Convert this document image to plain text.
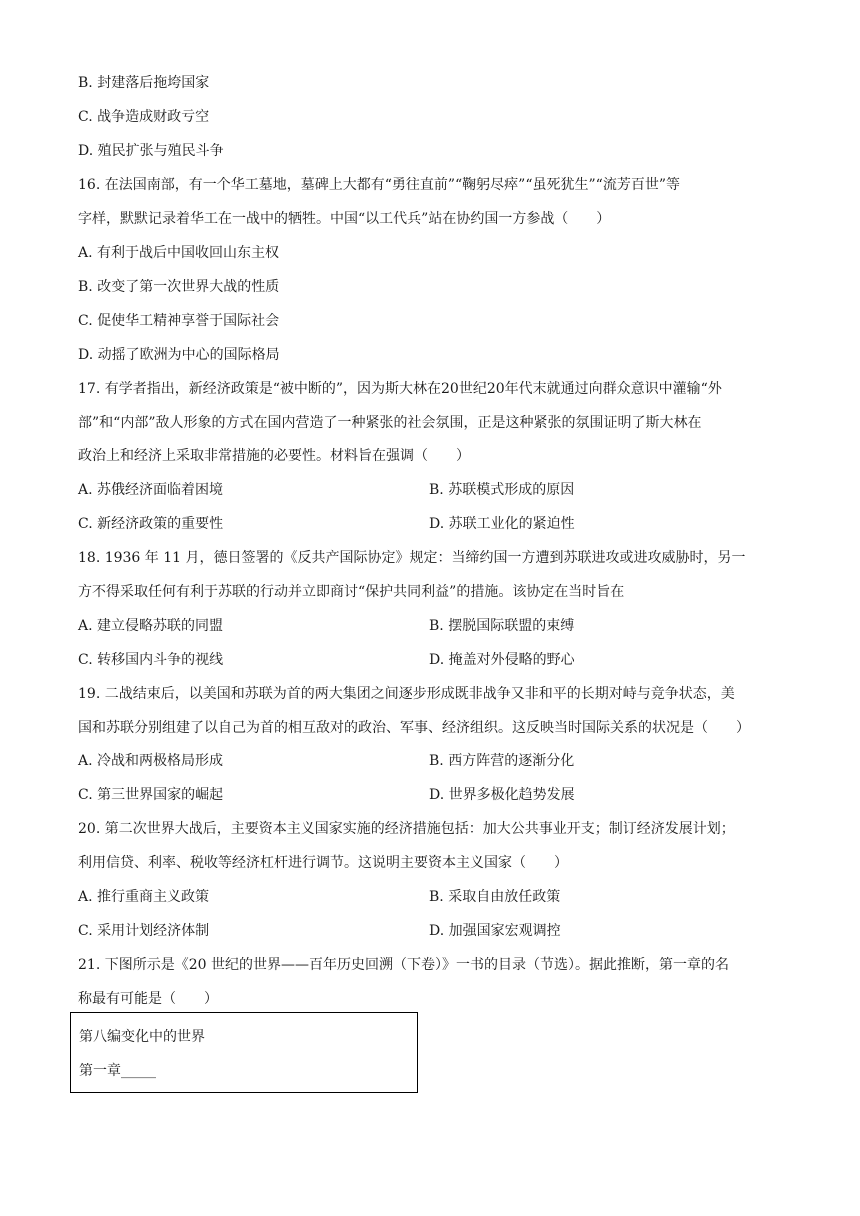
B. 封建落后拖垮国家
C. 战争造成财政亏空
D. 殖民扩张与殖民斗争
16. 在法国南部，有一个华工墓地，墓碑上大都有“勇往直前”“鞠躬尽瘁”“虽死犹生”“流芳百世”等
字样，默默记录着华工在一战中的牺牲。中国“以工代兵”站在协约国一方参战（　　）
A. 有利于战后中国收回山东主权
B. 改变了第一次世界大战的性质
C. 促使华工精神享誉于国际社会
D. 动摇了欧洲为中心的国际格局
17. 有学者指出，新经济政策是“被中断的”，因为斯大林在20世纪20年代末就通过向群众意识中灌输“外
部”和“内部”敌人形象的方式在国内营造了一种紧张的社会氛围，正是这种紧张的氛围证明了斯大林在
政治上和经济上采取非常措施的必要性。材料旨在强调（　　）
A. 苏俄经济面临着困境	B. 苏联模式形成的原因
C. 新经济政策的重要性	D. 苏联工业化的紧迫性
18. 1936 年 11 月，德日签署的《反共产国际协定》规定：当缔约国一方遭到苏联进攻或进攻威胁时，另一
方不得采取任何有利于苏联的行动并立即商讨“保护共同利益”的措施。该协定在当时旨在
A. 建立侵略苏联的同盟	B. 摆脱国际联盟的束缚
C. 转移国内斗争的视线	D. 掩盖对外侵略的野心
19. 二战结束后，以美国和苏联为首的两大集团之间逐步形成既非战争又非和平的长期对峙与竞争状态，美
国和苏联分别组建了以自己为首的相互敌对的政治、军事、经济组织。这反映当时国际关系的状况是（　　）
A. 冷战和两极格局形成	B. 西方阵营的逐渐分化
C. 第三世界国家的崛起	D. 世界多极化趋势发展
20. 第二次世界大战后，主要资本主义国家实施的经济措施包括：加大公共事业开支；制订经济发展计划；
利用信贷、利率、税收等经济杠杆进行调节。这说明主要资本主义国家（　　）
A. 推行重商主义政策	B. 采取自由放任政策
C. 采用计划经济体制	D. 加强国家宏观调控
21. 下图所示是《20 世纪的世界——百年历史回溯（下卷）》一书的目录（节选）。据此推断，第一章的名
称最有可能是（　　）
第八编变化中的世界
第一章_____
